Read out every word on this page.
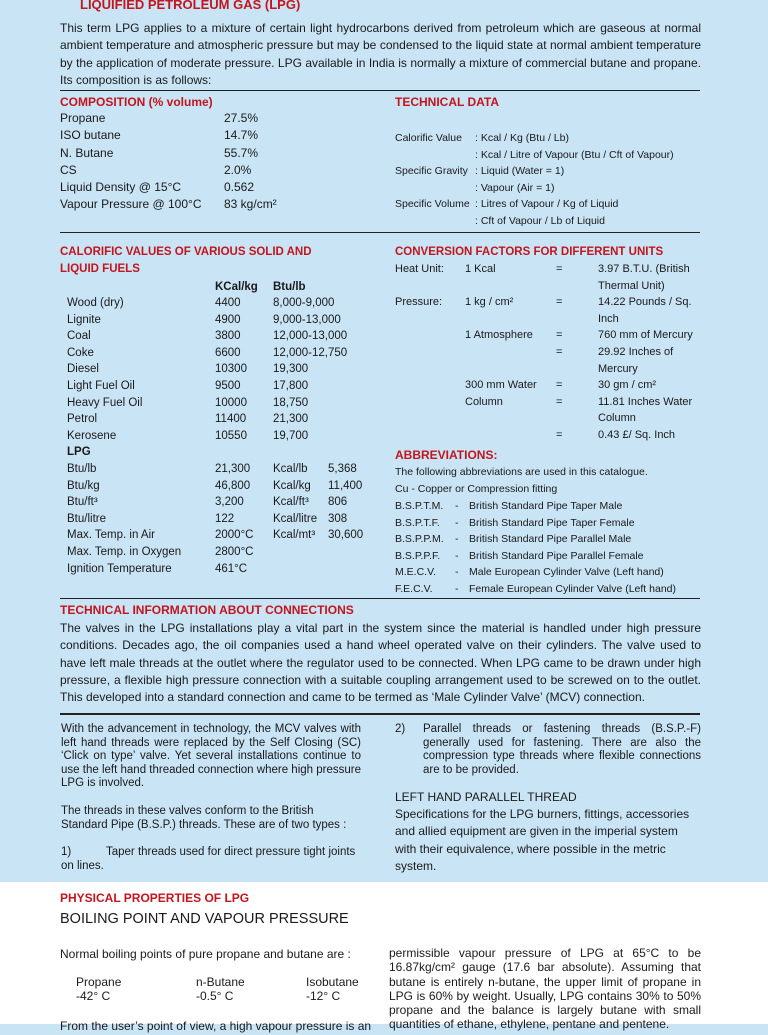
LIQUIFIED PETROLEUM GAS (LPG)
This term LPG applies to a mixture of certain light hydrocarbons derived from petroleum which are gaseous at normal ambient temperature and atmospheric pressure but may be condensed to the liquid state at normal ambient temperature by the application of moderate pressure. LPG available in India is normally a mixture of commercial butane and propane. Its composition is as follows:
COMPOSITION (% volume)
Propane	27.5%
ISO butane	14.7%
N. Butane	55.7%
CS	2.0%
Liquid Density @ 15°C	0.562
Vapour Pressure @ 100°C	83 kg/cm²
TECHNICAL DATA
Calorific Value	: Kcal / Kg (Btu / Lb)
	: Kcal / Litre of Vapour (Btu / Cft of Vapour)
Specific Gravity	: Liquid (Water = 1)
	: Vapour (Air = 1)
Specific Volume	: Litres of Vapour / Kg of Liquid
	: Cft of Vapour / Lb of Liquid
CALORIFIC VALUES OF VARIOUS SOLID AND
LIQUID FUELS
KCal/kg Btu/lb
Wood (dry)	4400	8,000-9,000
Lignite	4900	9,000-13,000
Coal	3800	12,000-13,000
Coke	6600	12,000-12,750
Diesel	10300	19,300
Light Fuel Oil	9500	17,800
Heavy Fuel Oil	10000	18,750
Petrol	11400	21,300
Kerosene	10550	19,700
LPG
Btu/lb	21,300	Kcal/lb	5,368
Btu/kg	46,800	Kcal/kg	11,400
Btu/ft³	3,200	Kcal/ft³	806
Btu/litre	122	Kcal/litre	308
Max. Temp. in Air	2000°C	Kcal/mt³	30,600
Max. Temp. in Oxygen	2800°C		
Ignition Temperature	461°C		
CONVERSION FACTORS FOR DIFFERENT UNITS
Heat Unit:	1 Kcal	=	3.97 B.T.U. (British
			Thermal Unit)
Pressure:	1 kg / cm²	=	14.22 Pounds / Sq.
			Inch
	1 Atmosphere	=	760 mm of Mercury
		=	29.92 Inches of
			Mercury
	300 mm Water	=	30 gm / cm²
	Column	=	11.81 Inches Water
			Column
		=	0.43 £/ Sq. Inch
ABBREVIATIONS:
The following abbreviations are used in this catalogue.
Cu - Copper or Compression fitting
B.S.P.T.M.	-	British Standard Pipe Taper Male
B.S.P.T.F.	-	British Standard Pipe Taper Female
B.S.P.P.M.	-	British Standard Pipe Parallel Male
B.S.P.P.F.	-	British Standard Pipe Parallel Female
M.E.C.V.	-	Male European Cylinder Valve (Left hand)
F.E.C.V.	-	Female European Cylinder Valve (Left hand)
TECHNICAL INFORMATION ABOUT CONNECTIONS
The valves in the LPG installations play a vital part in the system since the material is handled under high pressure conditions. Decades ago, the oil companies used a hand wheel operated valve on their cylinders. The valve used to have left male threads at the outlet where the regulator used to be connected. When LPG came to be drawn under high pressure, a flexible high pressure connection with a suitable coupling arrangement used to be screwed on to the outlet. This developed into a standard connection and came to be termed as ‘Male Cylinder Valve’ (MCV) connection.
With the advancement in technology, the MCV valves with left hand threads were replaced by the Self Closing (SC) ‘Click on type’ valve. Yet several installations continue to use the left hand threaded connection where high pressure LPG is involved.
The threads in these valves conform to the British Standard Pipe (B.S.P.) threads. These are of two types :
1)	Taper threads used for direct pressure tight joints on lines.
2) Parallel threads or fastening threads (B.S.P.-F) generally used for fastening. There are also the compression type threads where flexible connections are to be provided.
LEFT HAND PARALLEL THREAD
Specifications for the LPG burners, fittings, accessories and allied equipment are given in the imperial system with their equivalence, where possible in the metric system.
PHYSICAL PROPERTIES OF LPG
BOILING POINT AND VAPOUR PRESSURE
Normal boiling points of pure propane and butane are :
Propane
-42° C
n-Butane
-0.5° C
Isobutane
-12° C
From the user’s point of view, a high vapour pressure is an
permissible vapour pressure of LPG at 65°C to be 16.87kg/cm² gauge (17.6 bar absolute). Assuming that butane is entirely n-butane, the upper limit of propane in LPG is 60% by weight. Usually, LPG contains 30% to 50% propane and the balance is largely butane with small quantities of ethane, ethylene, pentane and pentene.
